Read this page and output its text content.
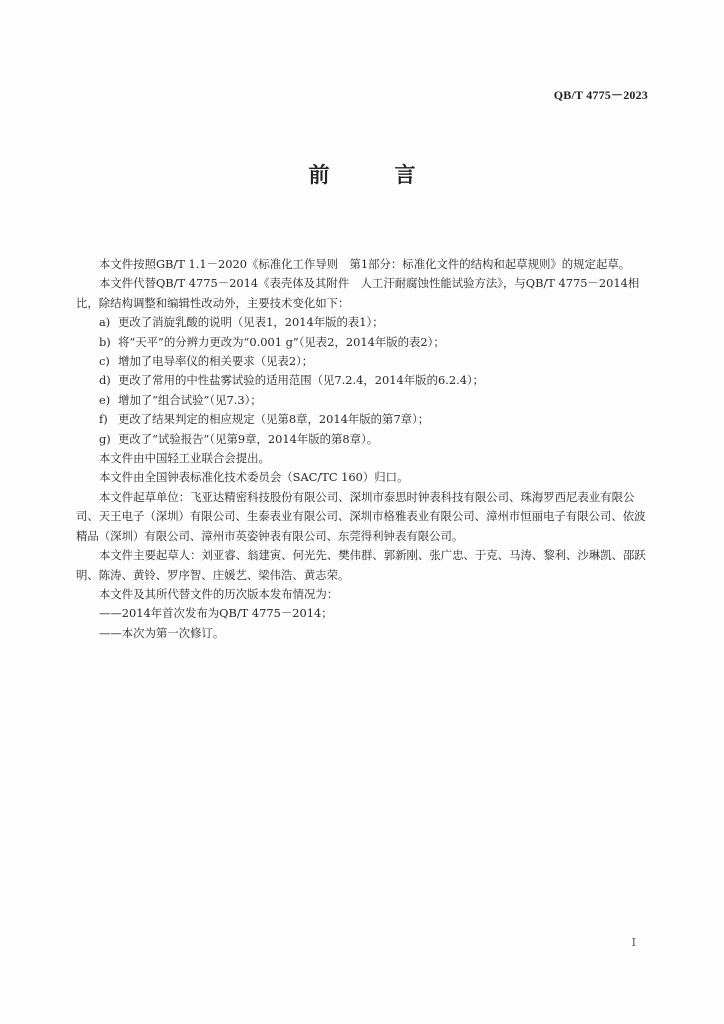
QB/T 4775－2023
前　言

本文件按照GB/T 1.1－2020《标准化工作导则　第1部分：标准化文件的结构和起草规则》的规定起草。

本文件代替QB/T 4775－2014《表壳体及其附件　人工汗耐腐蚀性能试验方法》，与QB/T 4775－2014相比，除结构调整和编辑性改动外，主要技术变化如下：

a) 更改了消旋乳酸的说明（见表1，2014年版的表1）；
b) 将“天平”的分辨力更改为“0.001 g”（见表2，2014年版的表2）；
c) 增加了电导率仪的相关要求（见表2）；
d) 更改了常用的中性盐雾试验的适用范围（见7.2.4，2014年版的6.2.4）；
e) 增加了“组合试验”（见7.3）；
f) 更改了结果判定的相应规定（见第8章，2014年版的第7章）；
g) 更改了“试验报告”（见第9章，2014年版的第8章）。

本文件由中国轻工业联合会提出。

本文件由全国钟表标准化技术委员会（SAC/TC 160）归口。

本文件起草单位：飞亚达精密科技股份有限公司、深圳市泰思时钟表科技有限公司、珠海罗西尼表业有限公司、天王电子（深圳）有限公司、生泰表业有限公司、深圳市格雅表业有限公司、漳州市恒丽电子有限公司、依波精品（深圳）有限公司、漳州市英姿钟表有限公司、东莞得利钟表有限公司。

本文件主要起草人：刘亚睿、翁建寅、何光先、樊伟群、郭新刚、张广忠、于克、马涛、黎利、沙琳凯、邵跃明、陈涛、黄铃、罗序智、庄媛艺、梁伟浩、黄志荣。

本文件及其所代替文件的历次版本发布情况为：

——2014年首次发布为QB/T 4775－2014；
——本次为第一次修订。
I
